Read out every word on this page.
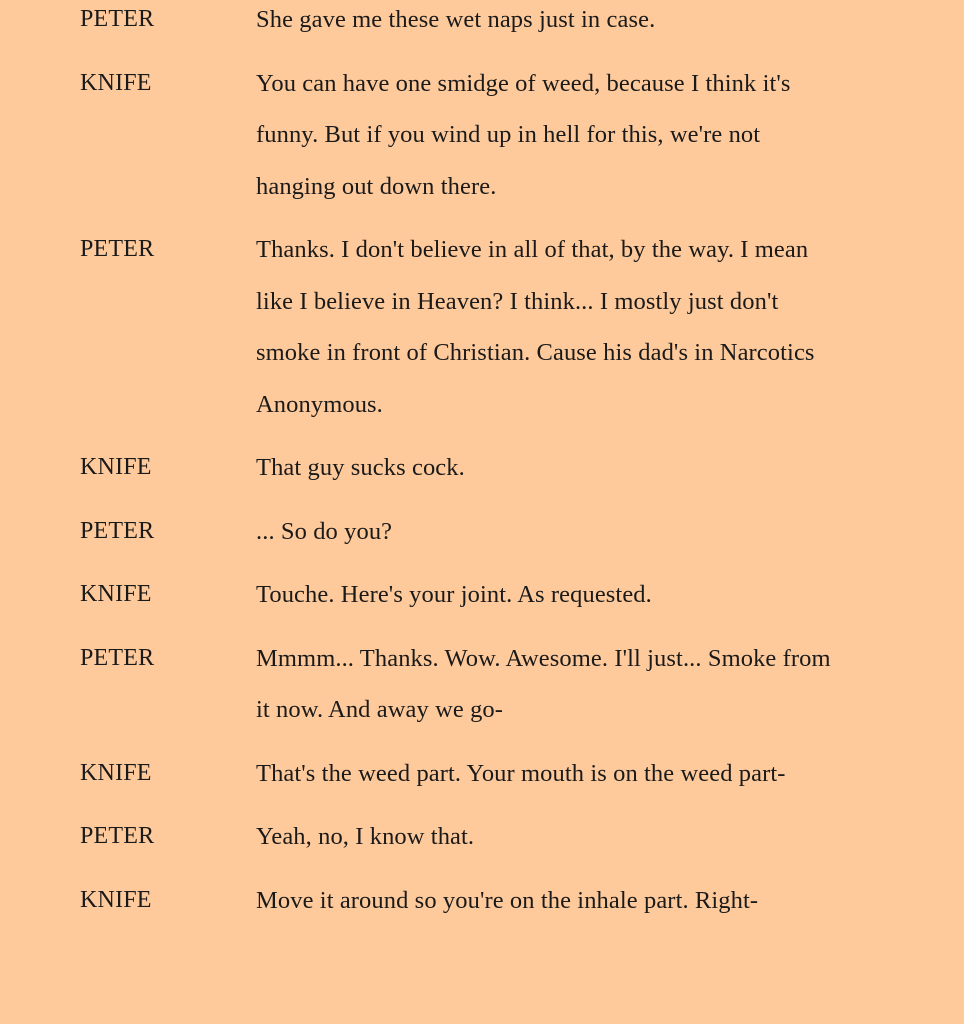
PETER	She gave me these wet naps just in case.
KNIFE	You can have one smidge of weed, because I think it's funny. But if you wind up in hell for this, we're not hanging out down there.
PETER	Thanks. I don't believe in all of that, by the way. I mean like I believe in Heaven? I think... I mostly just don't smoke in front of Christian. Cause his dad's in Narcotics Anonymous.
KNIFE	That guy sucks cock.
PETER	... So do you?
KNIFE	Touche. Here's your joint. As requested.
PETER	Mmmm... Thanks. Wow. Awesome. I'll just... Smoke from it now. And away we go-
KNIFE	That's the weed part. Your mouth is on the weed part-
PETER	Yeah, no, I know that.
KNIFE	Move it around so you're on the inhale part. Right-
